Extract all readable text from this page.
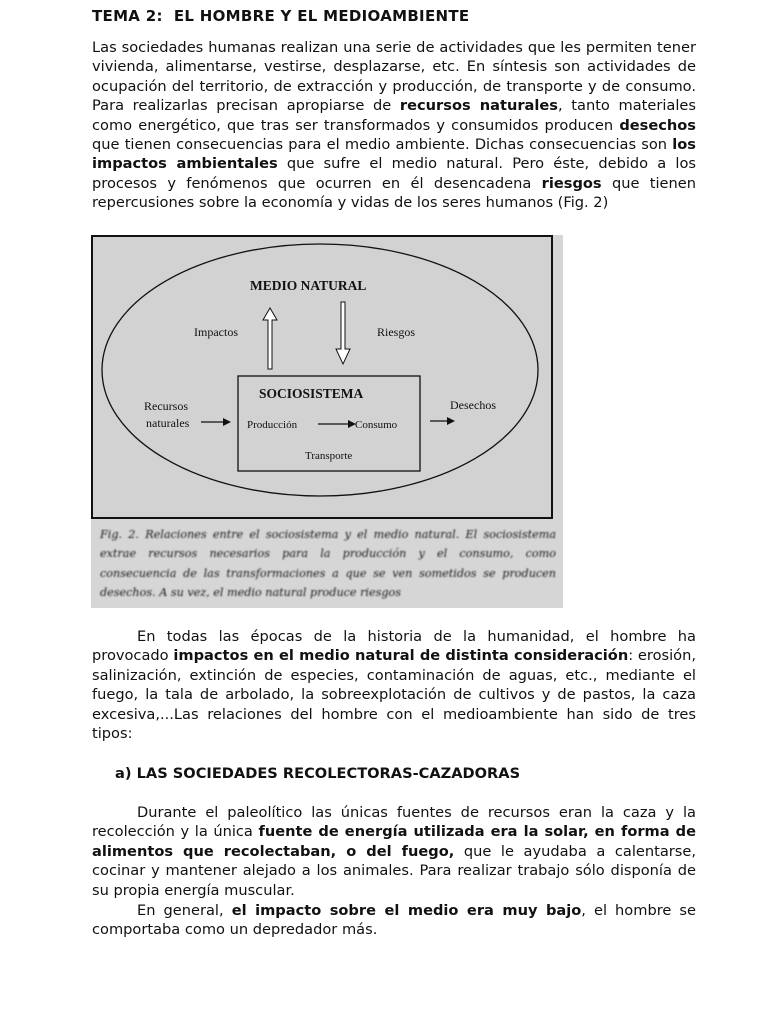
TEMA 2:  EL HOMBRE Y EL MEDIOAMBIENTE

Las sociedades humanas realizan una serie de actividades que les permiten tener vivienda, alimentarse, vestirse, desplazarse, etc. En síntesis son actividades de ocupación del territorio, de extracción y producción, de transporte y de consumo. Para realizarlas precisan apropiarse de recursos naturales, tanto materiales como energético, que tras ser transformados y consumidos producen desechos que tienen consecuencias para el medio ambiente. Dichas consecuencias son los impactos ambientales que sufre el medio natural. Pero éste, debido a los procesos y fenómenos que ocurren en él desencadena riesgos que tienen repercusiones sobre la economía y vidas de los seres humanos (Fig. 2)

MEDIO NATURAL
Impactos	Riesgos
SOCIOSISTEMA
Producción	Consumo
Transporte
Recursos
naturales
Desechos
Fig. 2. Relaciones entre el sociosistema y el medio natural. El sociosistema extrae recursos necesarios para la producción y el consumo, como consecuencia de las transformaciones a que se ven sometidos se producen desechos. A su vez, el medio natural produce riesgos

En todas las épocas de la historia de la humanidad, el hombre ha provocado impactos en el medio natural de distinta consideración: erosión, salinización, extinción de especies, contaminación de aguas, etc., mediante el fuego, la tala de arbolado, la sobreexplotación de cultivos y de pastos, la caza excesiva,...Las relaciones del hombre con el medioambiente han sido de tres tipos:

a) LAS SOCIEDADES RECOLECTORAS-CAZADORAS

Durante el paleolítico las únicas fuentes de recursos eran la caza y la recolección y la única fuente de energía utilizada era la solar, en forma de alimentos que recolectaban, o del fuego, que le ayudaba a calentarse, cocinar y mantener alejado a los animales. Para realizar trabajo sólo disponía de su propia energía muscular.

En general, el impacto sobre el medio era muy bajo, el hombre se comportaba como un depredador más.
